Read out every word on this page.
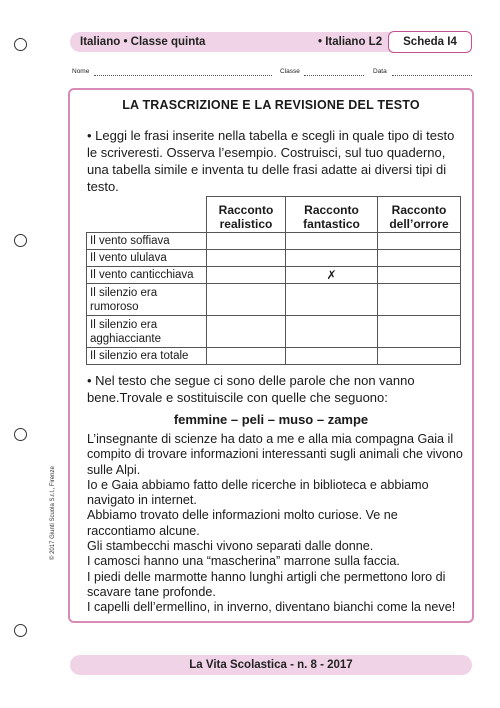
Italiano • Classe quinta	• Italiano L2	Scheda I4
Nome	Classe	Data
LA TRASCRIZIONE E LA REVISIONE DEL TESTO
• Leggi le frasi inserite nella tabella e scegli in quale tipo di testo le scriveresti. Osserva l’esempio. Costruisci, sul tuo quaderno, una tabella simile e inventa tu delle frasi adatte ai diversi tipi di testo.
	Racconto realistico	Racconto fantastico	Racconto dell’orrore
Il vento soffiava			
Il vento ululava			
Il vento canticchiava		✗	
Il silenzio era rumoroso			
Il silenzio era agghiacciante			
Il silenzio era totale			
• Nel testo che segue ci sono delle parole che non vanno bene.Trovale e sostituiscile con quelle che seguono:
femmine – peli – muso – zampe

L’insegnante di scienze ha dato a me e alla mia compagna Gaia il compito di trovare informazioni interessanti sugli animali che vivono sulle Alpi.

Io e Gaia abbiamo fatto delle ricerche in biblioteca e abbiamo navigato in internet.

Abbiamo trovato delle informazioni molto curiose. Ve ne raccontiamo alcune.

Gli stambecchi maschi vivono separati dalle donne.

I camosci hanno una “mascherina” marrone sulla faccia.

I piedi delle marmotte hanno lunghi artigli che permettono loro di scavare tane profonde.

I capelli dell’ermellino, in inverno, diventano bianchi come la neve!

© 2017 Giunti Scuola S.r.l., Firenze
La Vita Scolastica - n. 8 - 2017
